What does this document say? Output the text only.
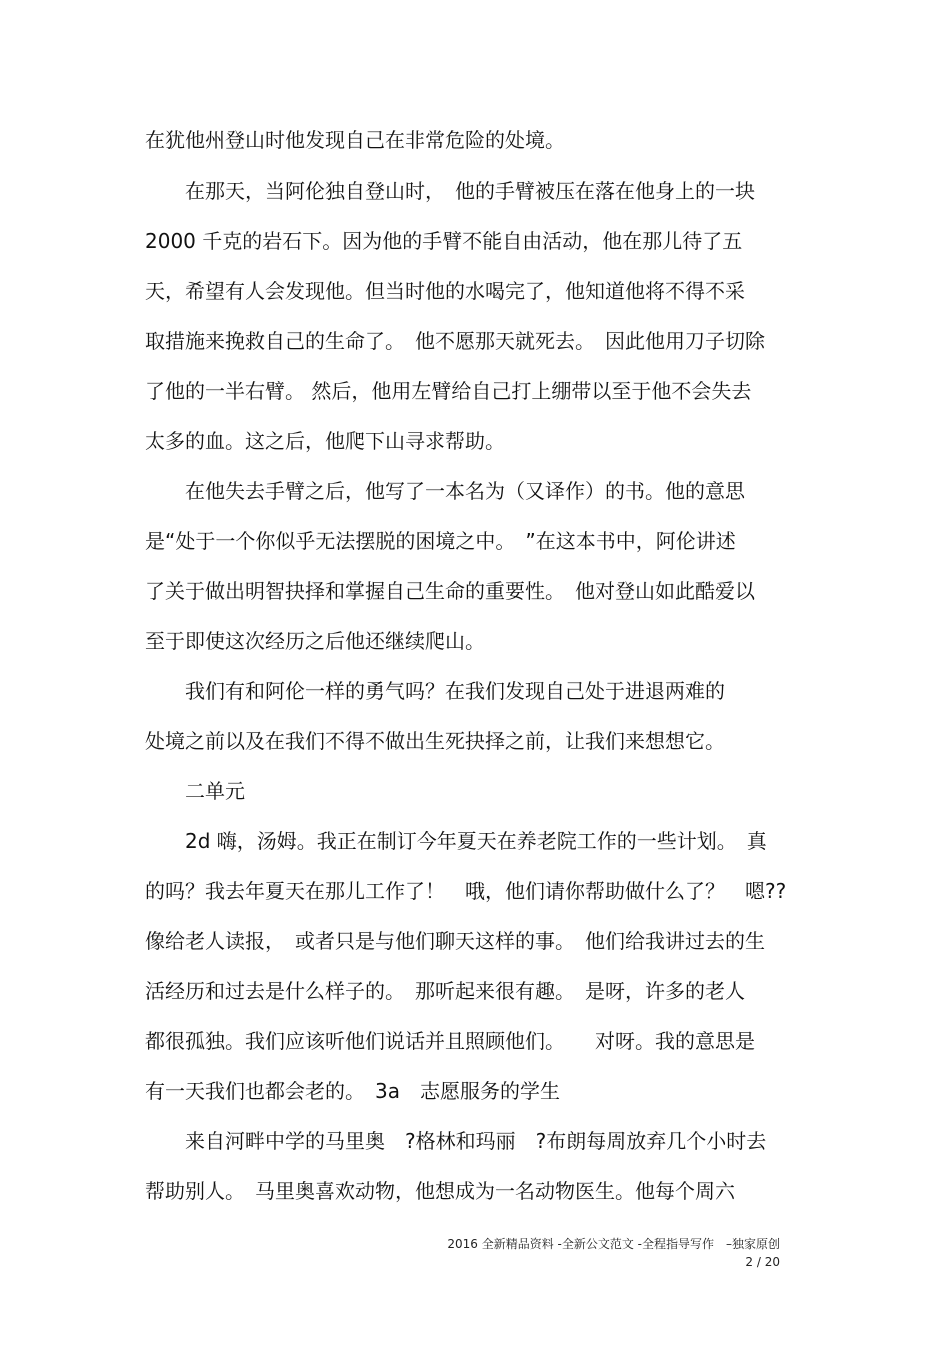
在犹他州登山时他发现自己在非常危险的处境。
　　在那天，当阿伦独自登山时，　他的手臂被压在落在他身上的一块
2000 千克的岩石下。因为他的手臂不能自由活动，他在那儿待了五
天，希望有人会发现他。但当时他的水喝完了，他知道他将不得不采
取措施来挽救自己的生命了。　他不愿那天就死去。　因此他用刀子切除
了他的一半右臂。 然后，他用左臂给自己打上绷带以至于他不会失去
太多的血。这之后，他爬下山寻求帮助。
　　在他失去手臂之后，他写了一本名为（又译作）的书。他的意思
是“处于一个你似乎无法摆脱的困境之中。　”在这本书中，阿伦讲述
了关于做出明智抉择和掌握自己生命的重要性。　他对登山如此酷爱以
至于即使这次经历之后他还继续爬山。
　　我们有和阿伦一样的勇气吗？在我们发现自己处于进退两难的
处境之前以及在我们不得不做出生死抉择之前，让我们来想想它。
　　二单元
　　2d 嗨，汤姆。我正在制订今年夏天在养老院工作的一些计划。　真
的吗？我去年夏天在那儿工作了！　哦，他们请你帮助做什么了？　嗯??
像给老人读报，　或者只是与他们聊天这样的事。　他们给我讲过去的生
活经历和过去是什么样子的。　那听起来很有趣。　是呀，许多的老人
都很孤独。我们应该听他们说话并且照顾他们。　　对呀。我的意思是
有一天我们也都会老的。　3a　志愿服务的学生
　　来自河畔中学的马里奥　?格林和玛丽　?布朗每周放弃几个小时去
帮助别人。　马里奥喜欢动物，他想成为一名动物医生。他每个周六
2016 全新精品资料 -全新公文范文 -全程指导写作　–独家原创
2 / 20
